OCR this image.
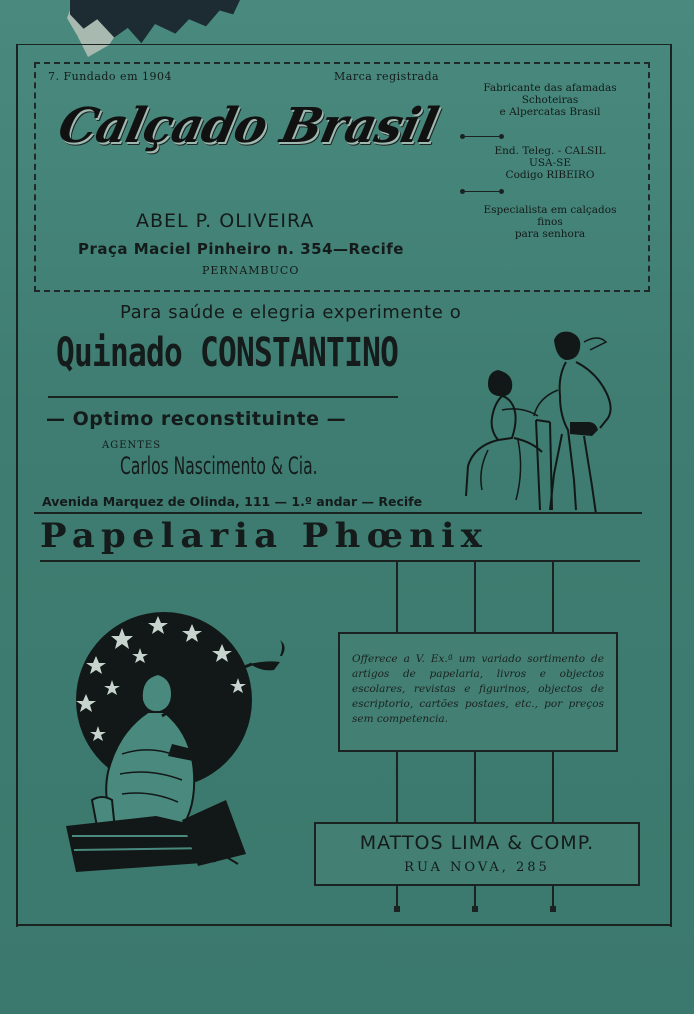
7. Fundado em 1904	Marca registrada
Calçado Brasil
ABEL P. OLIVEIRA
Praça Maciel Pinheiro n. 354—Recife
PERNAMBUCO
Fabricante das afamadas
Schoteiras
e Alpercatas Brasil
End. Teleg. - CALSIL
USA-SE
Codigo RIBEIRO
Especialista em calçados
finos
para senhora
Para saúde e elegria experimente o
Quinado CONSTANTINO
— Optimo reconstituinte —
AGENTES
Carlos Nascimento & Cia.
Avenida Marquez de Olinda, 111 — 1.º andar — Recife
Papelaria Phœnix
Offerece a V. Ex.ª um variado sortimento de artigos de papelaria, livros e objectos escolares, revistas e figurinos, objectos de escriptorio, cartões postaes, etc., por preços sem competencia.
MATTOS LIMA & COMP.
RUA NOVA, 285
